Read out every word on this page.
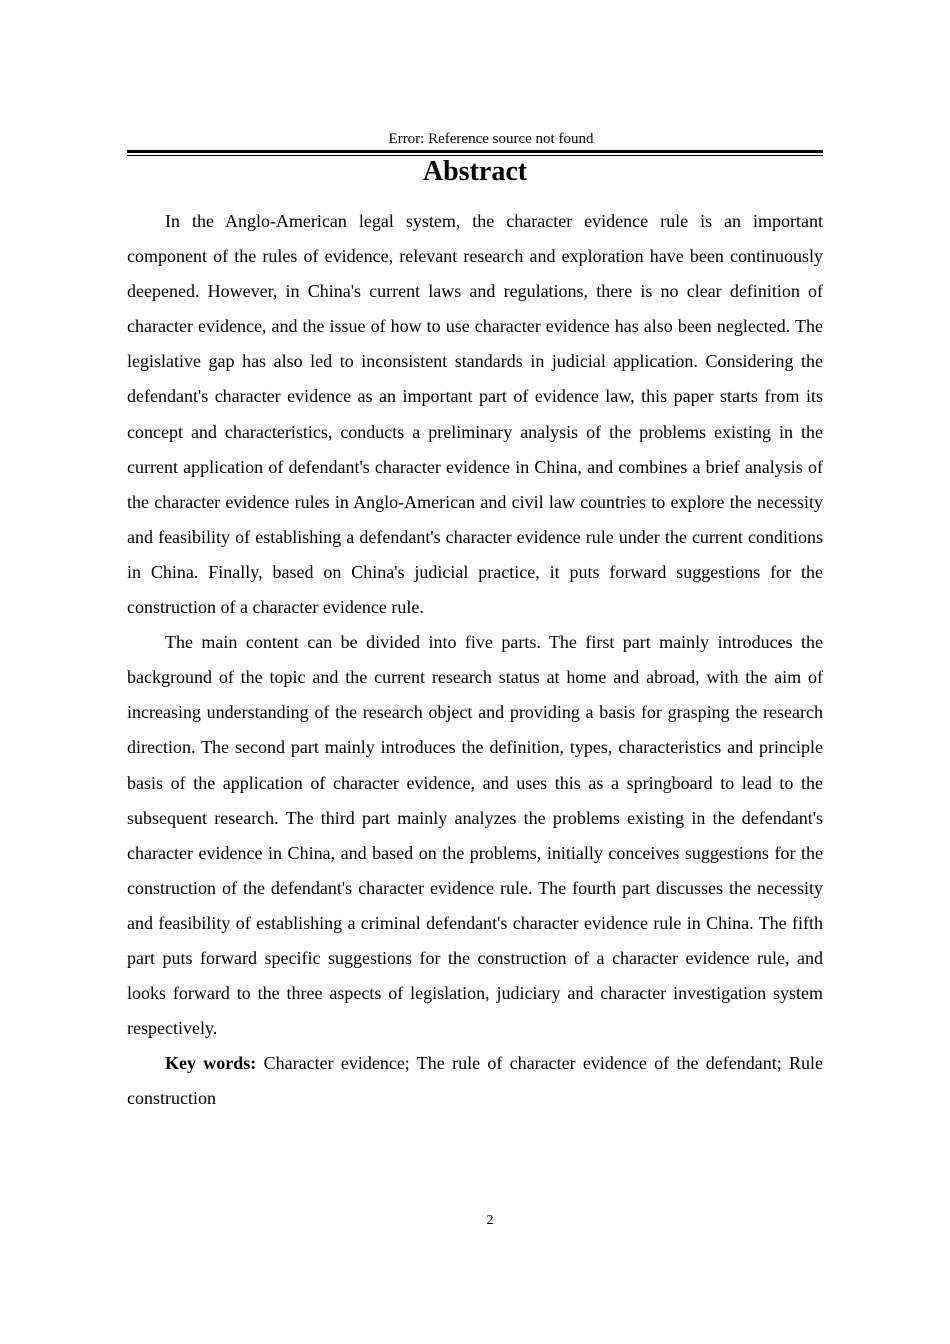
Error: Reference source not found
Abstract

In the Anglo-American legal system, the character evidence rule is an important component of the rules of evidence, relevant research and exploration have been continuously deepened. However, in China's current laws and regulations, there is no clear definition of character evidence, and the issue of how to use character evidence has also been neglected. The legislative gap has also led to inconsistent standards in judicial application. Considering the defendant's character evidence as an important part of evidence law, this paper starts from its concept and characteristics, conducts a preliminary analysis of the problems existing in the current application of defendant's character evidence in China, and combines a brief analysis of the character evidence rules in Anglo-American and civil law countries to explore the necessity and feasibility of establishing a defendant's character evidence rule under the current conditions in China. Finally, based on China's judicial practice, it puts forward suggestions for the construction of a character evidence rule.

The main content can be divided into five parts. The first part mainly introduces the background of the topic and the current research status at home and abroad, with the aim of increasing understanding of the research object and providing a basis for grasping the research direction. The second part mainly introduces the definition, types, characteristics and principle basis of the application of character evidence, and uses this as a springboard to lead to the subsequent research. The third part mainly analyzes the problems existing in the defendant's character evidence in China, and based on the problems, initially conceives suggestions for the construction of the defendant's character evidence rule. The fourth part discusses the necessity and feasibility of establishing a criminal defendant's character evidence rule in China. The fifth part puts forward specific suggestions for the construction of a character evidence rule, and looks forward to the three aspects of legislation, judiciary and character investigation system respectively.

Key words: Character evidence; The rule of character evidence of the defendant; Rule construction

2
